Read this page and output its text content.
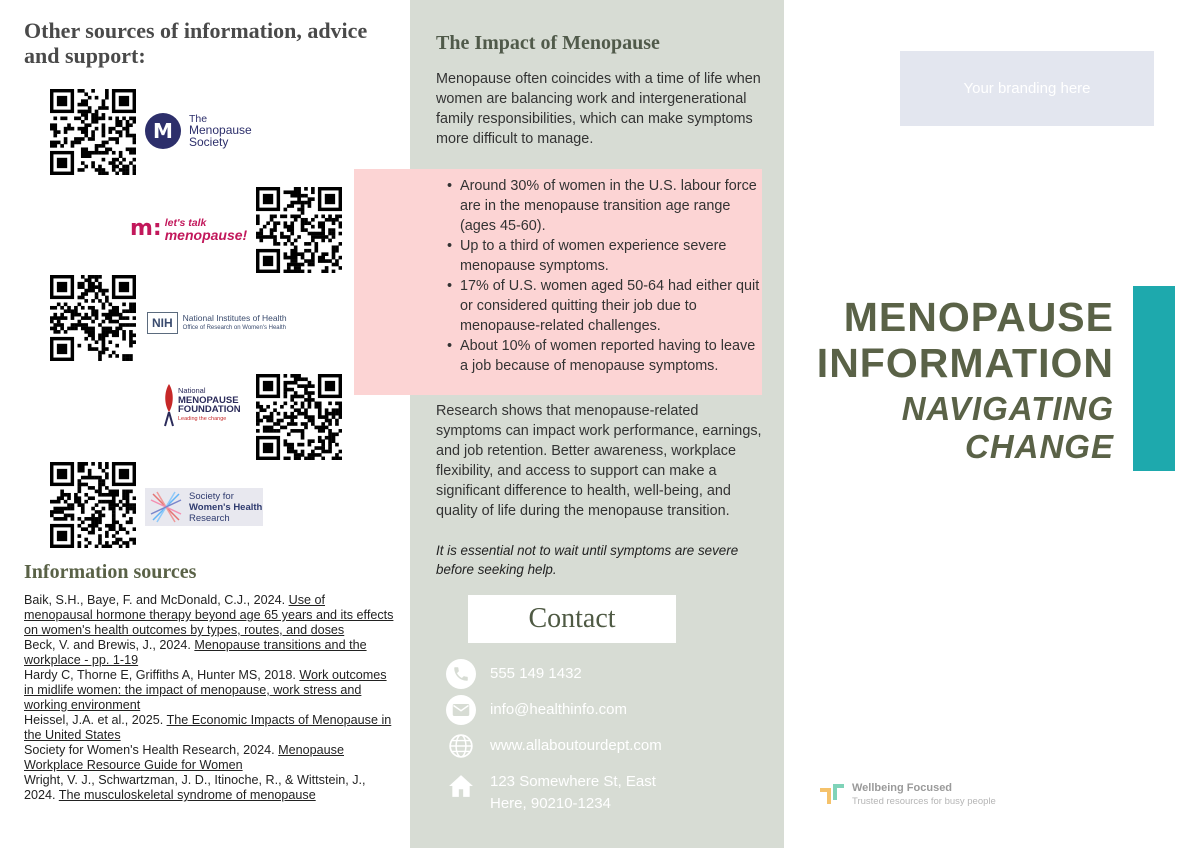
Other sources of information, advice and support:
M
The
Menopause
Society
m: let's talk
menopause!
NIH	National Institutes of Health
Office of Research on Women's Health
National
MENOPAUSE
FOUNDATION
Leading the change
Society for
Women's Health
Research
Information sources
Baik, S.H., Baye, F. and McDonald, C.J., 2024. Use of menopausal hormone therapy beyond age 65 years and its effects on women's health outcomes by types, routes, and doses
Beck, V. and Brewis, J., 2024. Menopause transitions and the workplace - pp. 1-19
Hardy C, Thorne E, Griffiths A, Hunter MS, 2018. Work outcomes in midlife women: the impact of menopause, work stress and working environment
Heissel, J.A. et al., 2025. The Economic Impacts of Menopause in the United States
Society for Women's Health Research, 2024. Menopause Workplace Resource Guide for Women
Wright, V. J., Schwartzman, J. D., Itinoche, R., & Wittstein, J., 2024. The musculoskeletal syndrome of menopause
The Impact of Menopause

Menopause often coincides with a time of life when women are balancing work and intergenerational family responsibilities, which can make symptoms more difficult to manage.

• Around 30% of women in the U.S. labour force are in the menopause transition age range (ages 45-60).
• Up to a third of women experience severe menopause symptoms.
• 17% of U.S. women aged 50-64 had either quit or considered quitting their job due to menopause-related challenges.
• About 10% of women reported having to leave a job because of menopause symptoms.

Research shows that menopause-related symptoms can impact work performance, earnings, and job retention. Better awareness, workplace flexibility, and access to support can make a significant difference to health, well-being, and quality of life during the menopause transition.

It is essential not to wait until symptoms are severe before seeking help.

Contact
555 149 1432
info@healthinfo.com
www.allaboutourdept.com
123 Somewhere St, East Here, 90210-1234
Your branding here
MENOPAUSE
INFORMATION
NAVIGATING
CHANGE
Wellbeing Focused
Trusted resources for busy people
